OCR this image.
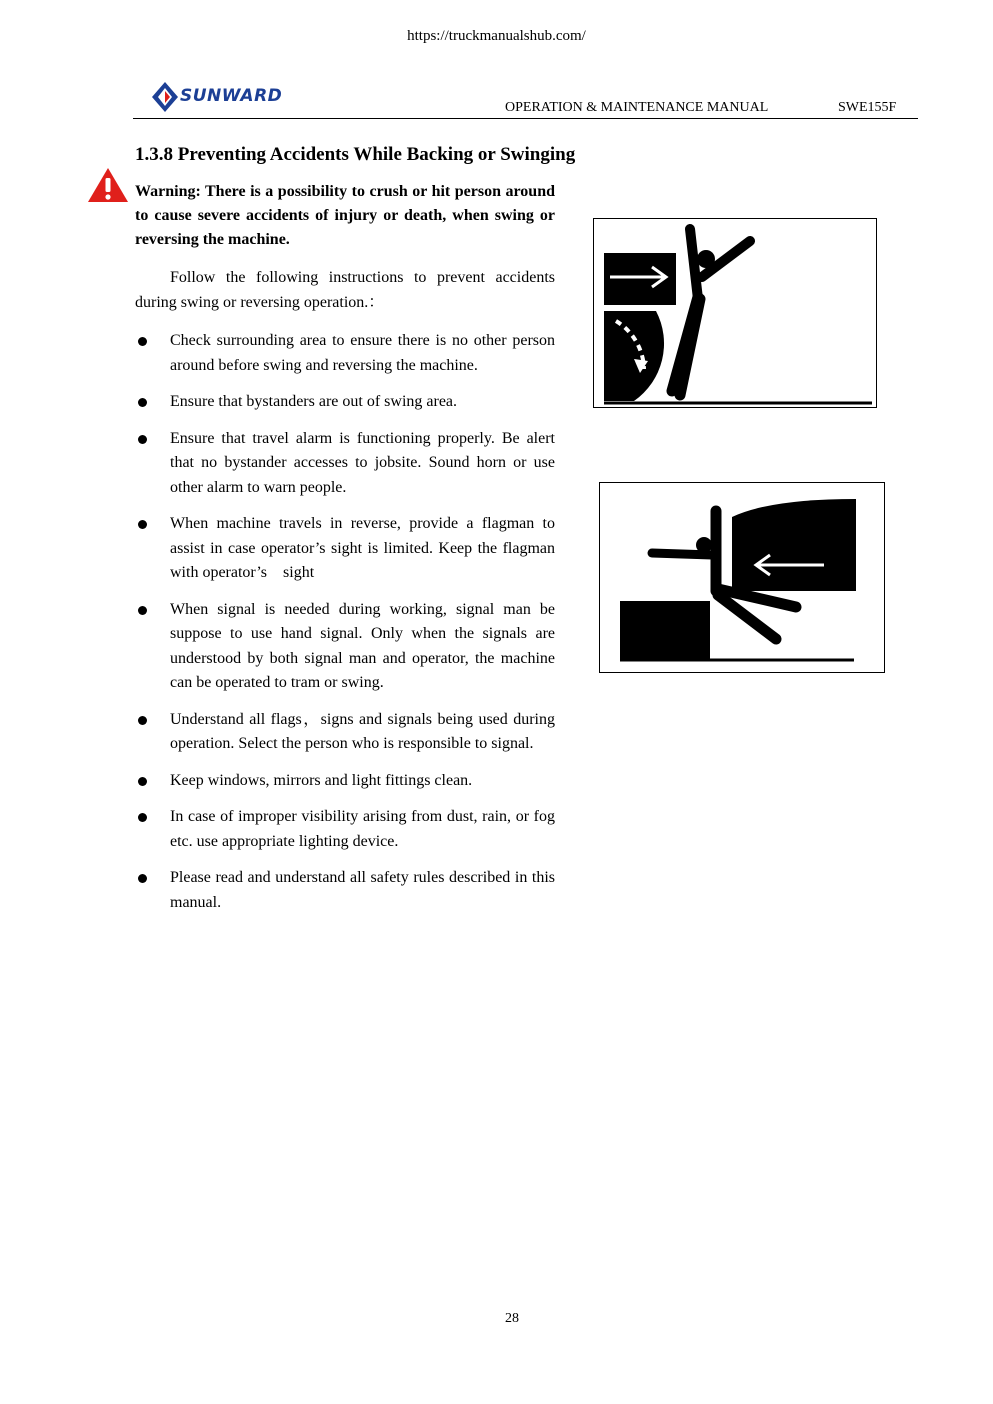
https://truckmanualshub.com/
SUNWARD
OPERATION & MAINTENANCE MANUAL	SWE155F
1.3.8 Preventing Accidents While Backing or Swinging
Warning: There is a possibility to crush or hit person around to cause severe accidents of injury or death, when swing or reversing the machine.
Follow the following instructions to prevent accidents during swing or reversing operation.：
Check surrounding area to ensure there is no other person around before swing and reversing the machine.
Ensure that bystanders are out of swing area.
Ensure that travel alarm is functioning properly. Be alert that no bystander accesses to jobsite. Sound horn or use other alarm to warn people.
When machine travels in reverse, provide a flagman to assist in case operator’s sight is limited. Keep the flagman with operator’s　sight
When signal is needed during working, signal man be suppose to use hand signal. Only when the signals are understood by both signal man and operator, the machine can be operated to tram or swing.
Understand all flags，signs and signals being used during operation. Select the person who is responsible to signal.
Keep windows, mirrors and light fittings clean.
In case of improper visibility arising from dust, rain, or fog etc. use appropriate lighting device.
Please read and understand all safety rules described in this manual.
28
